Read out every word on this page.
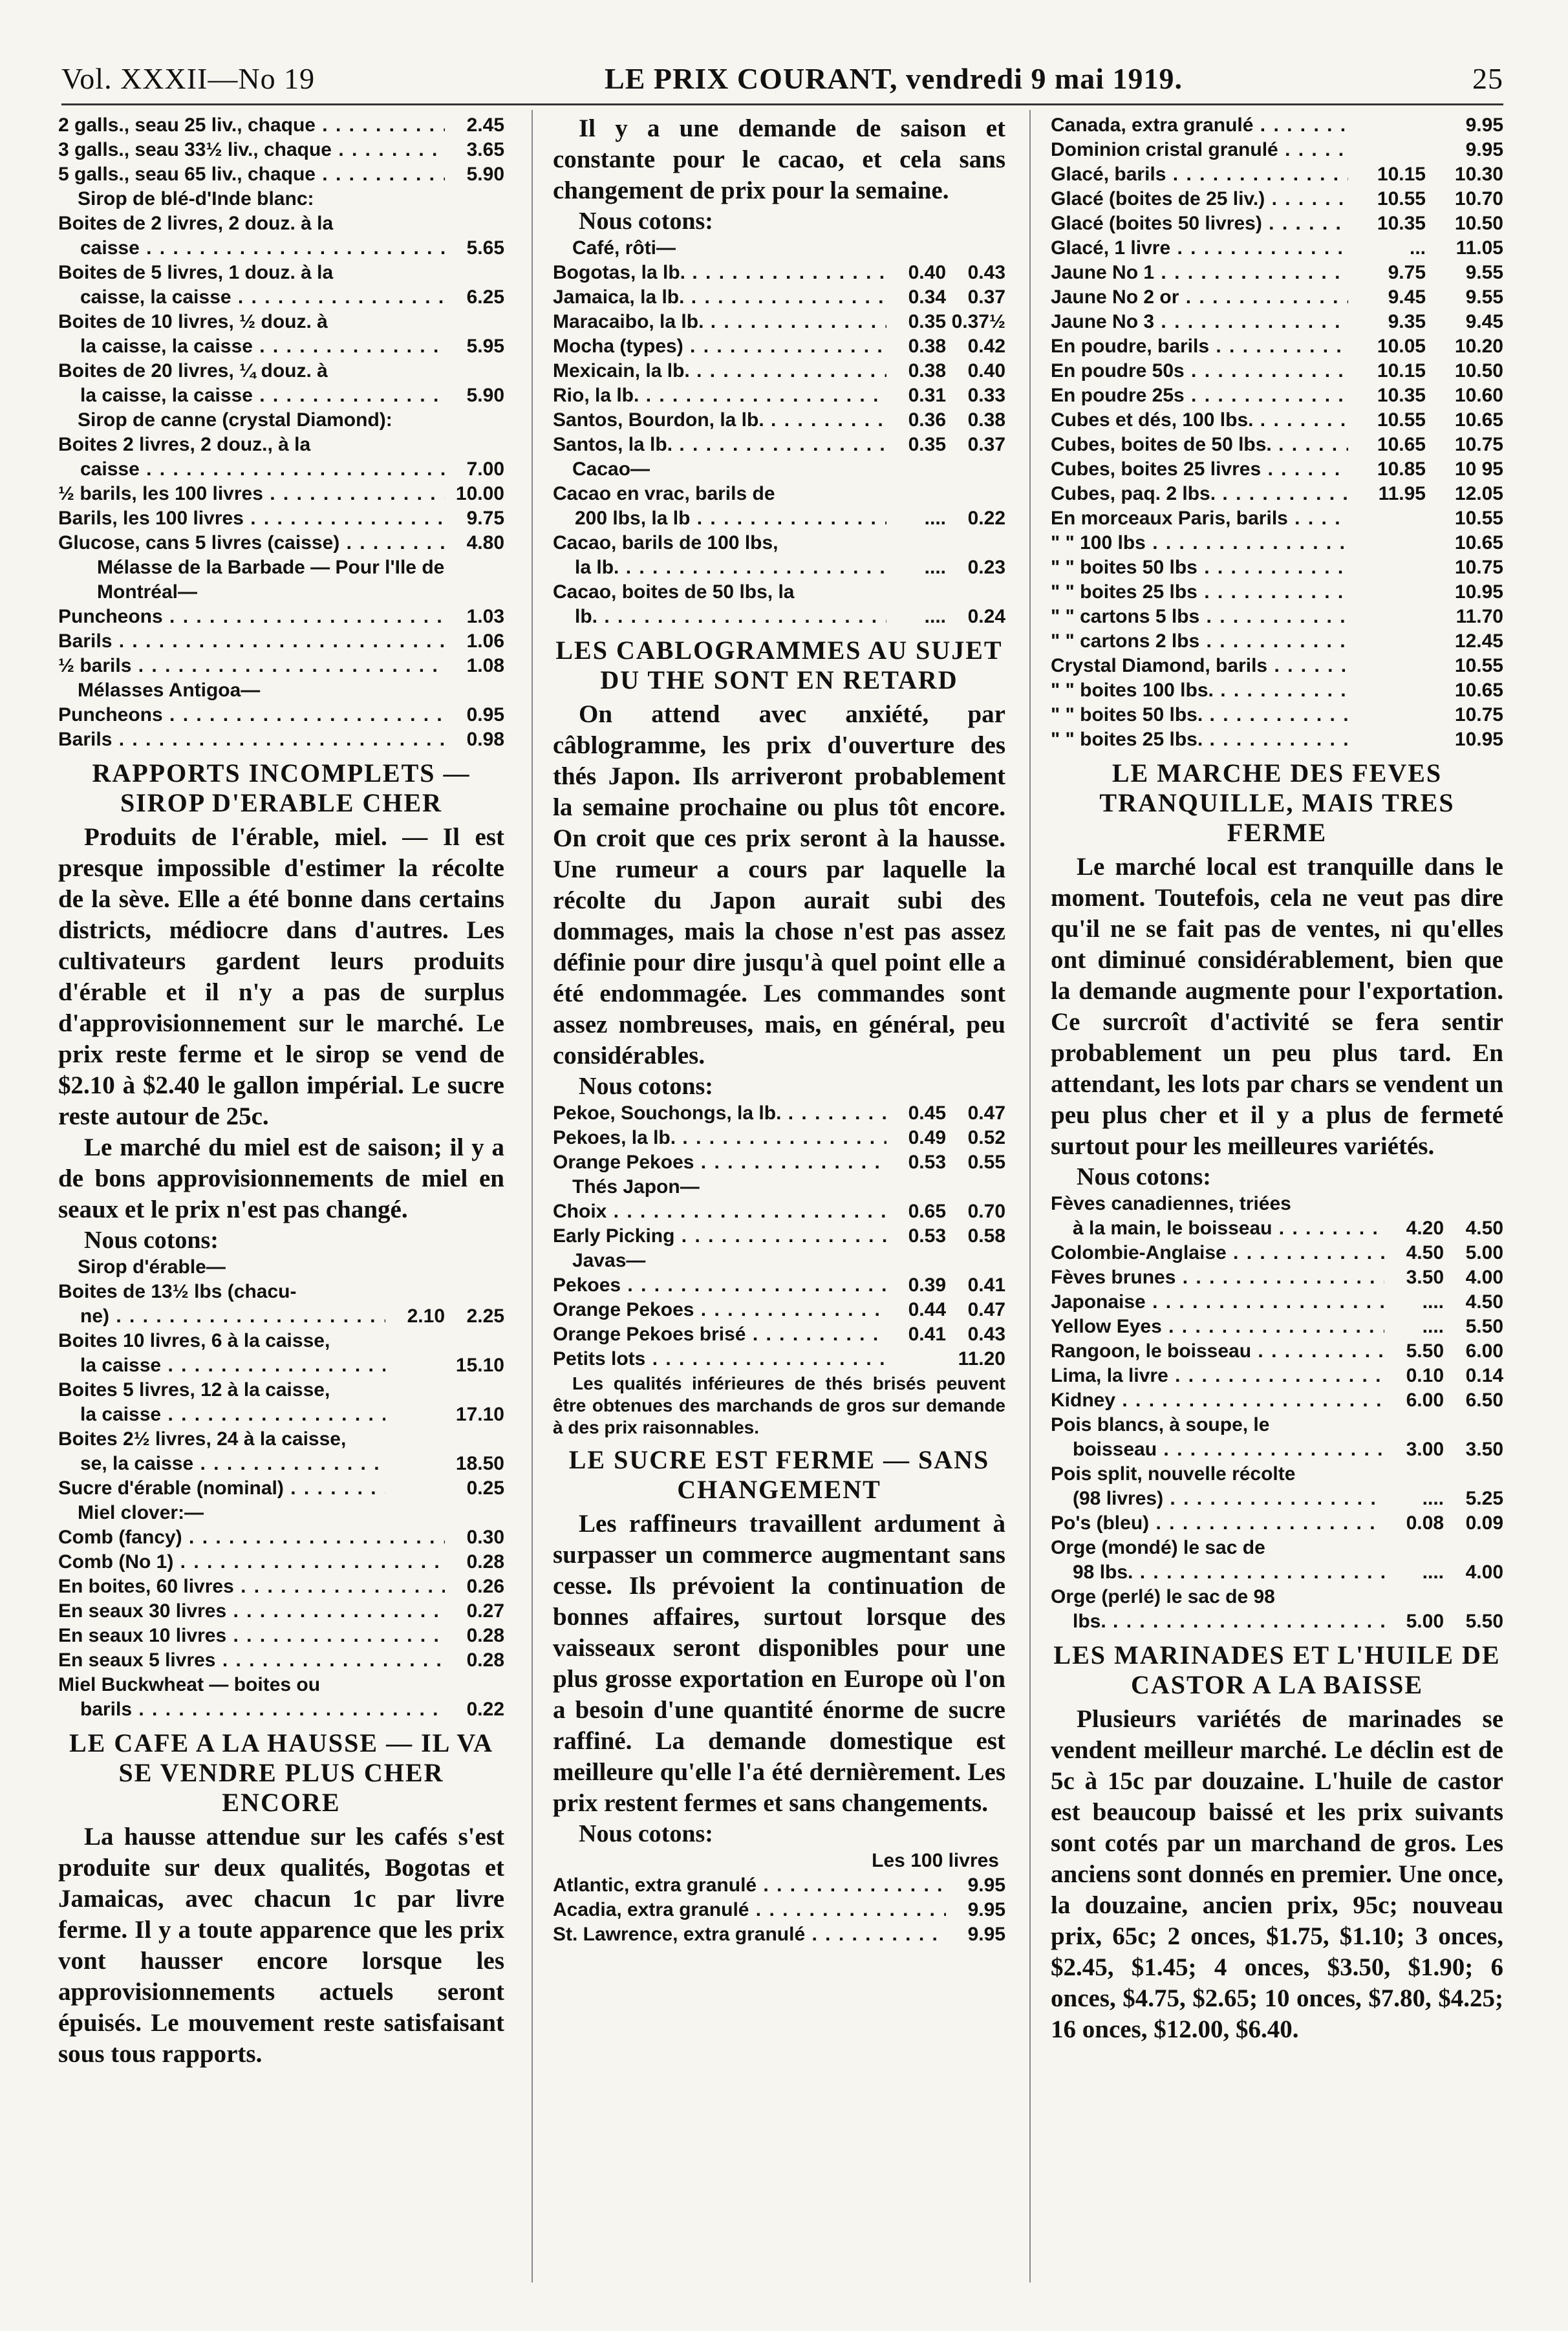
Vol. XXXII—No 19	LE PRIX COURANT, vendredi 9 mai 1919.	25
2 galls., seau 25 liv., chaque . . .	2.45
3 galls., seau 33½ liv., chaque . . .	3.65
5 galls., seau 65 liv., chaque . . .	5.90
Sirop de blé-d'Inde blanc:
Boites de 2 livres, 2 douz. à la
caisse . . .	5.65
Boites de 5 livres, 1 douz. à la
caisse, la caisse . . .	6.25
Boites de 10 livres, ½ douz. à
la caisse, la caisse . . .	5.95
Boites de 20 livres, ¼ douz. à
la caisse, la caisse . . .	5.90
Sirop de canne (crystal Diamond):
Boites 2 livres, 2 douz., à la
caisse . . .	7.00
½ barils, les 100 livres . . .	10.00
Barils, les 100 livres . . .	9.75
Glucose, cans 5 livres (caisse) . . .	4.80
Mélasse de la Barbade — Pour l'Ile de Montréal—
Puncheons . . .	1.03
Barils . . .	1.06
½ barils . . .	1.08
Mélasses Antigoa—
Puncheons . . .	0.95
Barils . . .	0.98
RAPPORTS INCOMPLETS — SIROP D'ERABLE CHER

Produits de l'érable, miel. — Il est presque impossible d'estimer la récolte de la sève. Elle a été bonne dans certains districts, médiocre dans d'autres. Les cultivateurs gardent leurs produits d'érable et il n'y a pas de surplus d'approvisionnement sur le marché. Le prix reste ferme et le sirop se vend de $2.10 à $2.40 le gallon impérial. Le sucre reste autour de 25c.

Le marché du miel est de saison; il y a de bons approvisionnements de miel en seaux et le prix n'est pas changé.

Nous cotons:
Sirop d'érable—
Boites de 13½ lbs (chacu-
ne) . . .	2.10	2.25
Boites 10 livres, 6 à la caisse,
la caisse . . .	15.10
Boites 5 livres, 12 à la caisse,
la caisse . . .	17.10
Boites 2½ livres, 24 à la caisse,
se, la caisse . . .	18.50
Sucre d'érable (nominal) . . .	0.25
Miel clover:—
Comb (fancy) . . .	0.30
Comb (No 1) . . .	0.28
En boites, 60 livres . . .	0.26
En seaux 30 livres . . .	0.27
En seaux 10 livres . . .	0.28
En seaux 5 livres . . .	0.28
Miel Buckwheat — boites ou
barils . . .	0.22
LE CAFE A LA HAUSSE — IL VA SE VENDRE PLUS CHER ENCORE

La hausse attendue sur les cafés s'est produite sur deux qualités, Bogotas et Jamaicas, avec chacun 1c par livre ferme. Il y a toute apparence que les prix vont hausser encore lorsque les approvisionnements actuels seront épuisés. Le mouvement reste satisfaisant sous tous rapports.

Il y a une demande de saison et constante pour le cacao, et cela sans changement de prix pour la semaine.

Nous cotons:
Café, rôti—
Bogotas, la lb. . . .	0.40	0.43
Jamaica, la lb. . . .	0.34	0.37
Maracaibo, la lb. . . .	0.35 0.37½
Mocha (types) . . .	0.38	0.42
Mexicain, la lb. . . .	0.38	0.40
Rio, la lb. . . .	0.31	0.33
Santos, Bourdon, la lb. . . .	0.36	0.38
Santos, la lb. . . .	0.35	0.37
Cacao—
Cacao en vrac, barils de
200 lbs, la lb . . .	....	0.22
Cacao, barils de 100 lbs,
la lb. . . .	....	0.23
Cacao, boites de 50 lbs, la
lb. . . .	....	0.24
LES CABLOGRAMMES AU SUJET DU THE SONT EN RETARD

On attend avec anxiété, par câblogramme, les prix d'ouverture des thés Japon. Ils arriveront probablement la semaine prochaine ou plus tôt encore. On croit que ces prix seront à la hausse. Une rumeur a cours par laquelle la récolte du Japon aurait subi des dommages, mais la chose n'est pas assez définie pour dire jusqu'à quel point elle a été endommagée. Les commandes sont assez nombreuses, mais, en général, peu considérables.

Nous cotons:
Pekoe, Souchongs, la lb. . . .	0.45	0.47
Pekoes, la lb. . . .	0.49	0.52
Orange Pekoes . . .	0.53	0.55
Thés Japon—
Choix . . .	0.65	0.70
Early Picking . . .	0.53	0.58
Javas—
Pekoes . . .	0.39	0.41
Orange Pekoes . . .	0.44	0.47
Orange Pekoes brisé . . .	0.41	0.43
Petits lots . . .	11.20
Les qualités inférieures de thés brisés peuvent être obtenues des marchands de gros sur demande à des prix raisonnables.
LE SUCRE EST FERME — SANS CHANGEMENT

Les raffineurs travaillent ardument à surpasser un commerce augmentant sans cesse. Ils prévoient la continuation de bonnes affaires, surtout lorsque des vaisseaux seront disponibles pour une plus grosse exportation en Europe où l'on a besoin d'une quantité énorme de sucre raffiné. La demande domestique est meilleure qu'elle l'a été dernièrement. Les prix restent fermes et sans changements.

Nous cotons:
Les 100 livres
Atlantic, extra granulé . . .	9.95
Acadia, extra granulé . . .	9.95
St. Lawrence, extra granulé . . .	9.95
Canada, extra granulé . . .	9.95
Dominion cristal granulé . . .	9.95
Glacé, barils . . .	10.15	10.30
Glacé (boites de 25 liv.) . . .	10.55	10.70
Glacé (boites 50 livres) . . .	10.35	10.50
Glacé, 1 livre . . .	...	11.05
Jaune No 1 . . .	9.75	9.55
Jaune No 2 or . . .	9.45	9.55
Jaune No 3 . . .	9.35	9.45
En poudre, barils . . .	10.05	10.20
En poudre 50s . . .	10.15	10.50
En poudre 25s . . .	10.35	10.60
Cubes et dés, 100 lbs. . . .	10.55	10.65
Cubes, boites de 50 lbs. . . .	10.65	10.75
Cubes, boites 25 livres . . .	10.85	10 95
Cubes, paq. 2 lbs. . . .	11.95	12.05
En morceaux Paris, barils . . .	10.55
" " 100 lbs . . .	10.65
" " boites 50 lbs . . .	10.75
" " boites 25 lbs . . .	10.95
" " cartons 5 lbs . . .	11.70
" " cartons 2 lbs . . .	12.45
Crystal Diamond, barils . . .	10.55
" " boites 100 lbs. . . .	10.65
" " boites 50 lbs. . . .	10.75
" " boites 25 lbs. . . .	10.95
LE MARCHE DES FEVES TRANQUILLE, MAIS TRES FERME

Le marché local est tranquille dans le moment. Toutefois, cela ne veut pas dire qu'il ne se fait pas de ventes, ni qu'elles ont diminué considérablement, bien que la demande augmente pour l'exportation. Ce surcroît d'activité se fera sentir probablement un peu plus tard. En attendant, les lots par chars se vendent un peu plus cher et il y a plus de fermeté surtout pour les meilleures variétés.

Nous cotons:
Fèves canadiennes, triées
à la main, le boisseau . . .	4.20	4.50
Colombie-Anglaise . . .	4.50	5.00
Fèves brunes . . .	3.50	4.00
Japonaise . . .	....	4.50
Yellow Eyes . . .	....	5.50
Rangoon, le boisseau . . .	5.50	6.00
Lima, la livre . . .	0.10	0.14
Kidney . . .	6.00	6.50
Pois blancs, à soupe, le
boisseau . . .	3.00	3.50
Pois split, nouvelle récolte
(98 livres) . . .	....	5.25
Po's (bleu) . . .	0.08	0.09
Orge (mondé) le sac de
98 lbs. . . .	....	4.00
Orge (perlé) le sac de 98
lbs. . . .	5.00	5.50
LES MARINADES ET L'HUILE DE CASTOR A LA BAISSE

Plusieurs variétés de marinades se vendent meilleur marché. Le déclin est de 5c à 15c par douzaine. L'huile de castor est beaucoup baissé et les prix suivants sont cotés par un marchand de gros. Les anciens sont donnés en premier. Une once, la douzaine, ancien prix, 95c; nouveau prix, 65c; 2 onces, $1.75, $1.10; 3 onces, $2.45, $1.45; 4 onces, $3.50, $1.90; 6 onces, $4.75, $2.65; 10 onces, $7.80, $4.25; 16 onces, $12.00, $6.40.
